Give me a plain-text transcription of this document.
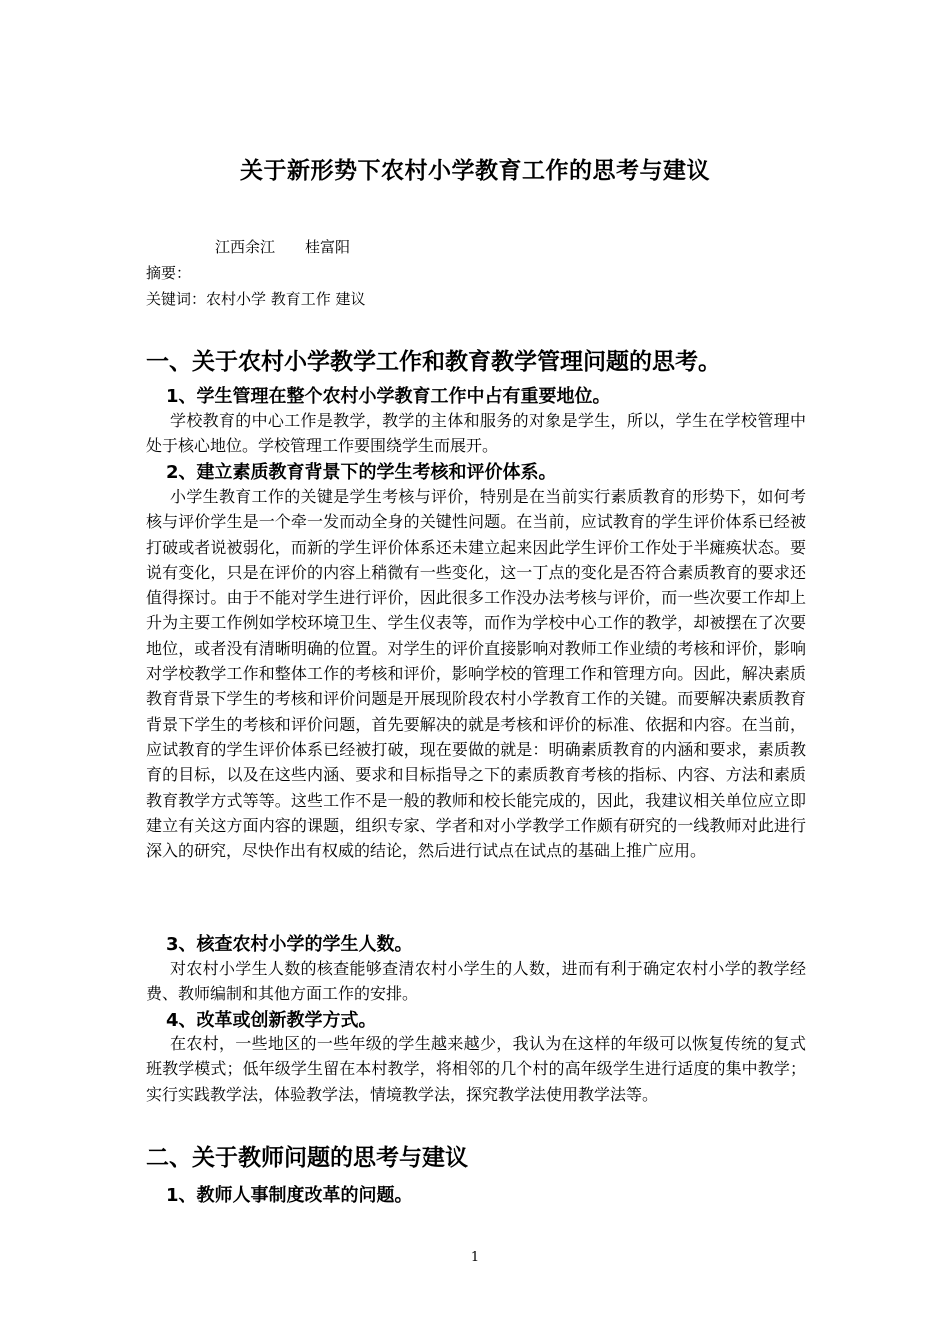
关于新形势下农村小学教育工作的思考与建议
江西余江　　桂富阳
摘要：
关键词：农村小学 教育工作 建议
一、关于农村小学教学工作和教育教学管理问题的思考。
1、学生管理在整个农村小学教育工作中占有重要地位。

学校教育的中心工作是教学，教学的主体和服务的对象是学生，所以，学生在学校管理中处于核心地位。学校管理工作要围绕学生而展开。

2、建立素质教育背景下的学生考核和评价体系。

小学生教育工作的关键是学生考核与评价，特别是在当前实行素质教育的形势下，如何考核与评价学生是一个牵一发而动全身的关键性问题。在当前，应试教育的学生评价体系已经被打破或者说被弱化，而新的学生评价体系还未建立起来因此学生评价工作处于半瘫痪状态。要说有变化，只是在评价的内容上稍微有一些变化，这一丁点的变化是否符合素质教育的要求还值得探讨。由于不能对学生进行评价，因此很多工作没办法考核与评价，而一些次要工作却上升为主要工作例如学校环境卫生、学生仪表等，而作为学校中心工作的教学，却被摆在了次要地位，或者没有清晰明确的位置。对学生的评价直接影响对教师工作业绩的考核和评价，影响对学校教学工作和整体工作的考核和评价，影响学校的管理工作和管理方向。因此，解决素质教育背景下学生的考核和评价问题是开展现阶段农村小学教育工作的关键。而要解决素质教育背景下学生的考核和评价问题，首先要解决的就是考核和评价的标准、依据和内容。在当前，应试教育的学生评价体系已经被打破，现在要做的就是：明确素质教育的内涵和要求，素质教育的目标，以及在这些内涵、要求和目标指导之下的素质教育考核的指标、内容、方法和素质教育教学方式等等。这些工作不是一般的教师和校长能完成的，因此，我建议相关单位应立即建立有关这方面内容的课题，组织专家、学者和对小学教学工作颇有研究的一线教师对此进行深入的研究，尽快作出有权威的结论，然后进行试点在试点的基础上推广应用。

3、核查农村小学的学生人数。

对农村小学生人数的核查能够查清农村小学生的人数，进而有利于确定农村小学的教学经费、教师编制和其他方面工作的安排。

4、改革或创新教学方式。

在农村，一些地区的一些年级的学生越来越少，我认为在这样的年级可以恢复传统的复式班教学模式；低年级学生留在本村教学，将相邻的几个村的高年级学生进行适度的集中教学；实行实践教学法，体验教学法，情境教学法，探究教学法使用教学法等。

二、关于教师问题的思考与建议
1、教师人事制度改革的问题。
1
